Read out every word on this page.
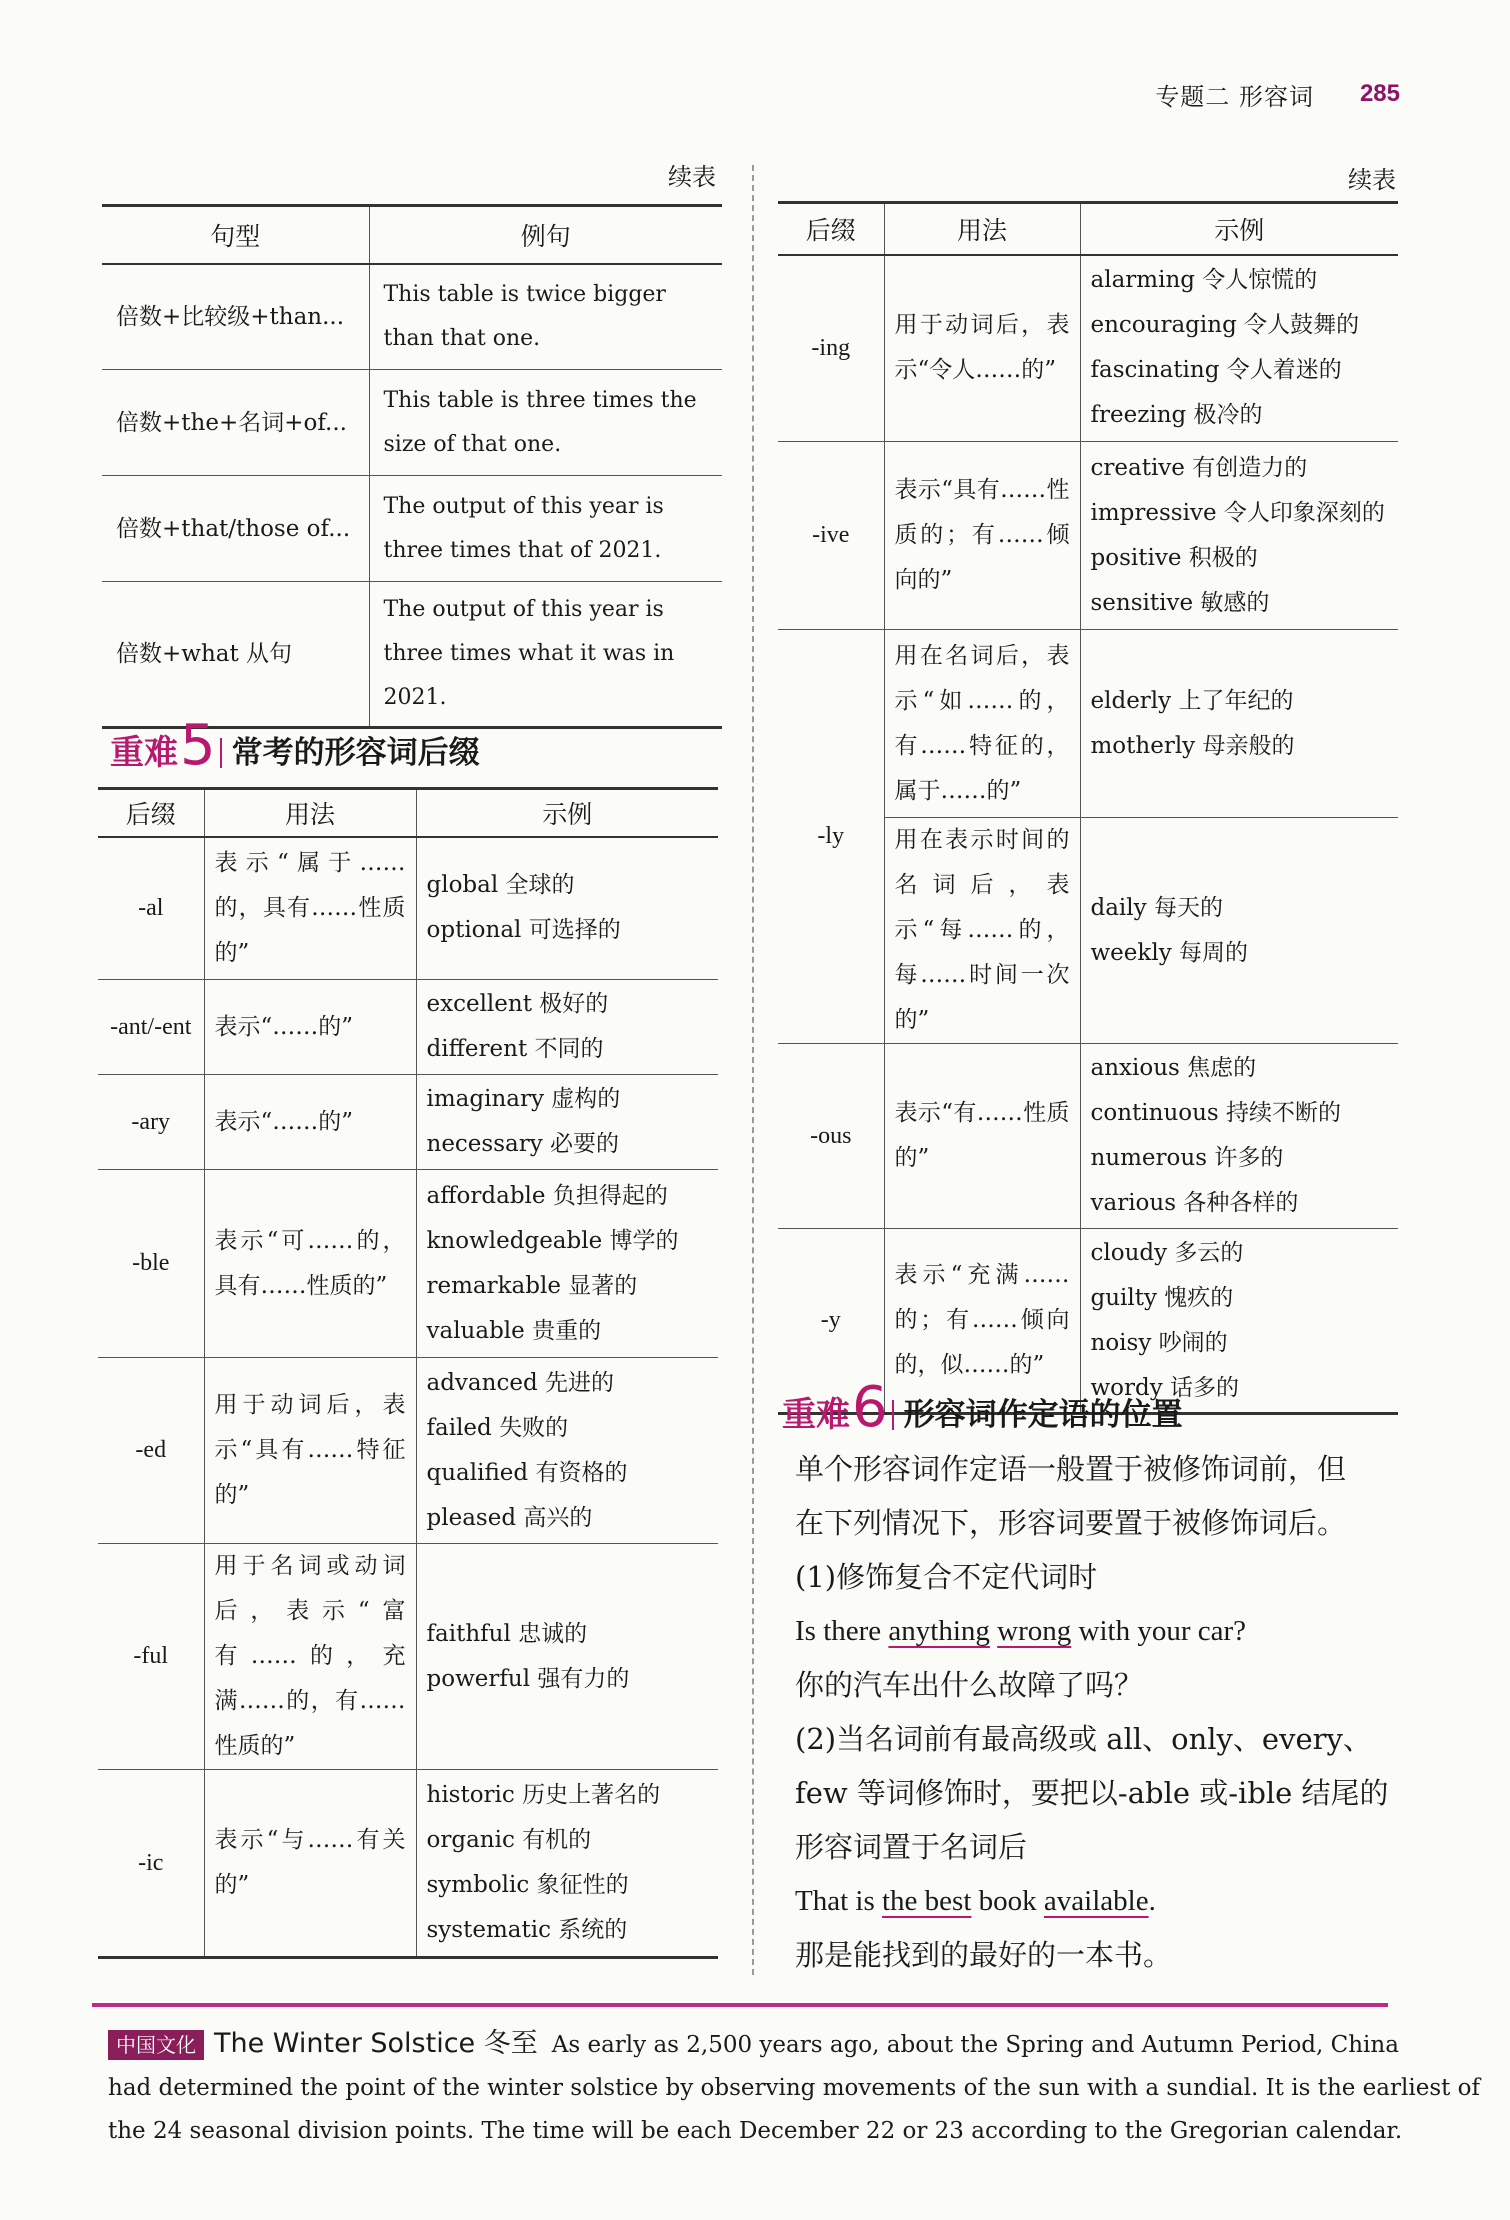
专题二 形容词 285
续表
句型	例句
倍数+比较级+than...	This table is twice bigger than that one.
倍数+the+名词+of...	This table is three times the size of that one.
倍数+that/those of...	The output of this year is three times that of 2021.
倍数+what 从句	The output of this year is three times what it was in 2021.
重难 5 常考的形容词后缀
后缀	用法	示例
-al	表示“属于……的，具有……性质的”	global 全球的
optional 可选择的

-ant/-ent	表示“……的”	excellent 极好的
different 不同的

-ary	表示“……的”	imaginary 虚构的
necessary 必要的

-ble	表示“可……的，具有……性质的”	affordable 负担得起的
knowledgeable 博学的
remarkable 显著的
valuable 贵重的

-ed	用于动词后，表示“具有……特征的”	advanced 先进的
failed 失败的
qualified 有资格的
pleased 高兴的

-ful	用于名词或动词后，表示“富有……的，充满……的，有……性质的”	faithful 忠诚的
powerful 强有力的

-ic	表示“与……有关的”	historic 历史上著名的
organic 有机的
symbolic 象征性的
systematic 系统的
续表
后缀	用法	示例
-ing	用于动词后，表示“令人……的”	alarming 令人惊慌的
encouraging 令人鼓舞的
fascinating 令人着迷的
freezing 极冷的

-ive	表示“具有……性质的；有……倾向的”	creative 有创造力的
impressive 令人印象深刻的
positive 积极的
sensitive 敏感的

-ly	用在名词后，表示“如……的，有……特征的，属于……的”	elderly 上了年纪的
motherly 母亲般的

	用在表示时间的名词后，表示“每……的，每……时间一次的”	daily 每天的
weekly 每周的

-ous	表示“有……性质的”	anxious 焦虑的
continuous 持续不断的
numerous 许多的
various 各种各样的

-y	表示“充满……的；有……倾向的，似……的”	cloudy 多云的
guilty 愧疚的
noisy 吵闹的
wordy 话多的
重难 6 形容词作定语的位置

单个形容词作定语一般置于被修饰词前，但

在下列情况下，形容词要置于被修饰词后。

(1)修饰复合不定代词时

Is there anything wrong with your car?

你的汽车出什么故障了吗？

(2)当名词前有最高级或 all、only、every、

few 等词修饰时，要把以-able 或-ible 结尾的

形容词置于名词后

That is the best book available.

那是能找到的最好的一本书。

中国文化 The Winter Solstice 冬至 As early as 2,500 years ago, about the Spring and Autumn Period, China
had determined the point of the winter solstice by observing movements of the sun with a sundial. It is the earliest of
the 24 seasonal division points. The time will be each December 22 or 23 according to the Gregorian calendar.
